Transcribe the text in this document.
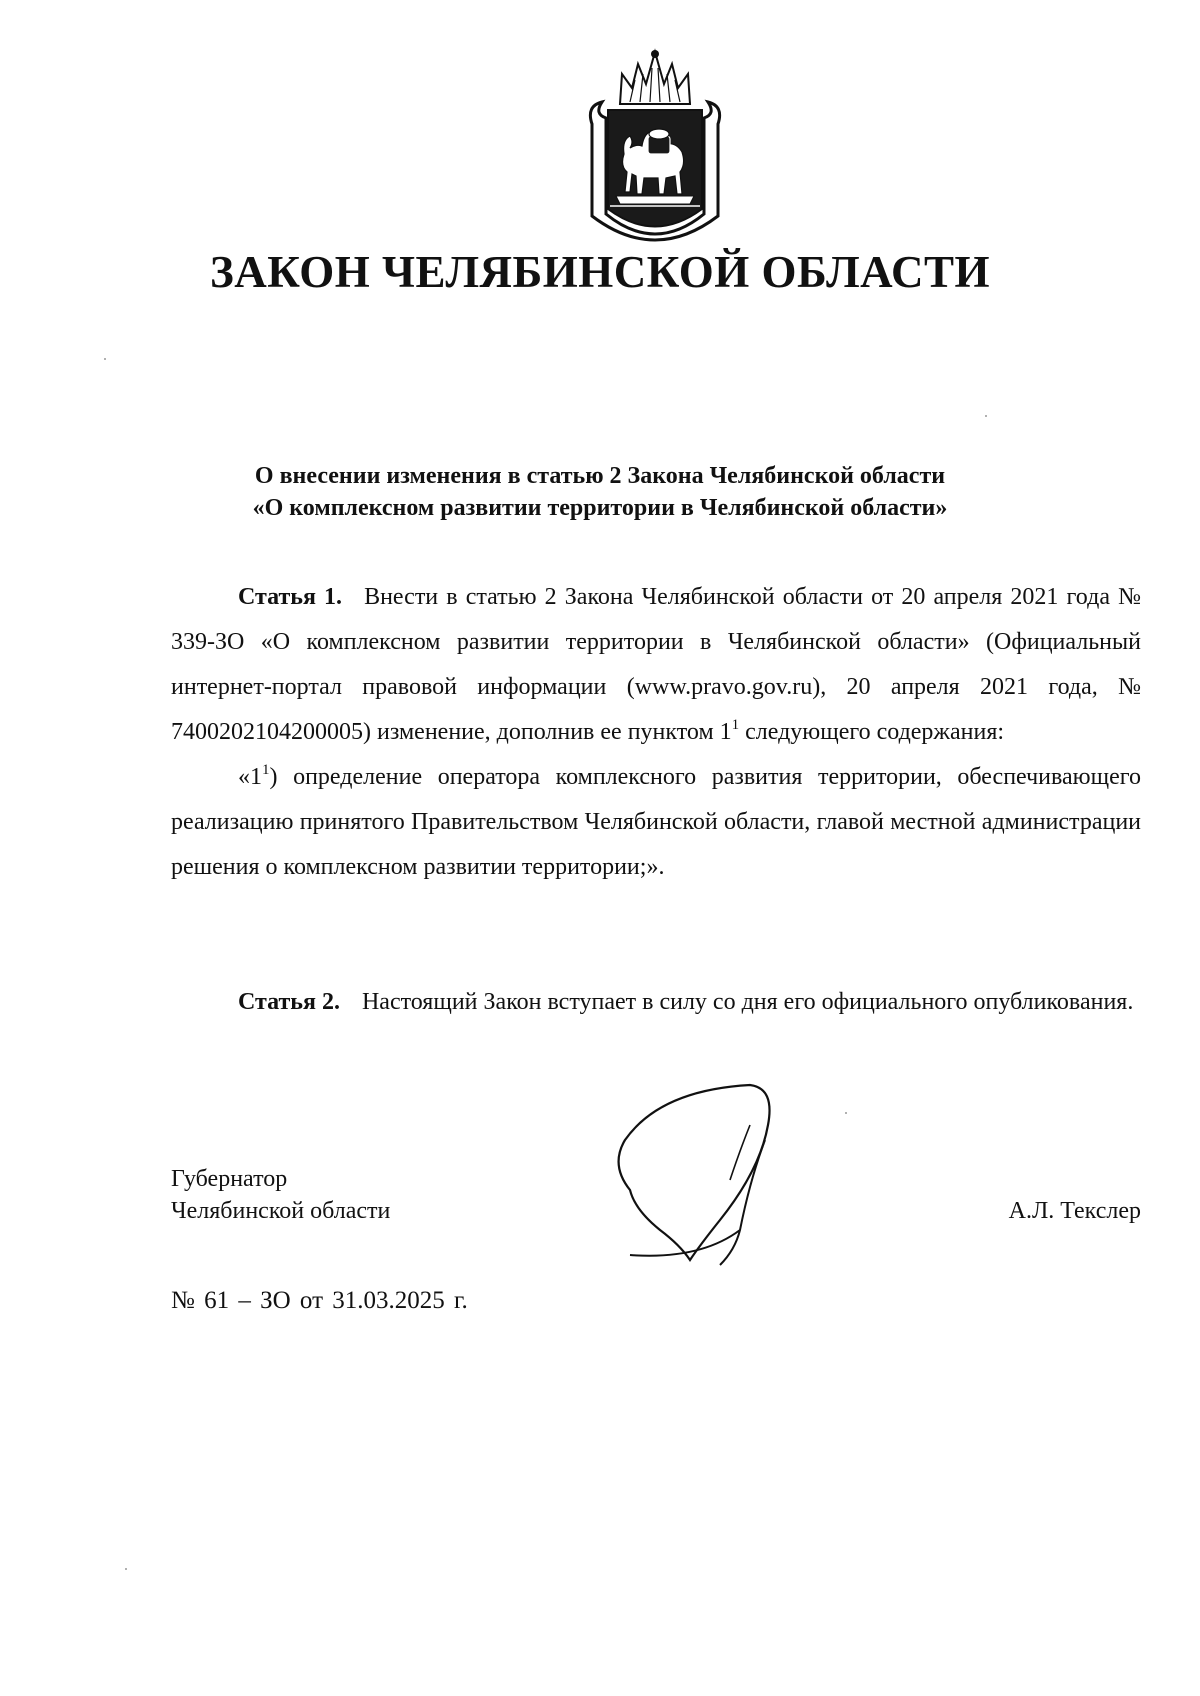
ЗАКОН ЧЕЛЯБИНСКОЙ ОБЛАСТИ
О внесении изменения в статью 2 Закона Челябинской области
«О комплексном развитии территории в Челябинской области»

Статья 1. Внести в статью 2 Закона Челябинской области от 20 апреля 2021 года № 339-ЗО «О комплексном развитии территории в Челябинской области» (Официальный интернет-портал правовой информации (www.pravo.gov.ru), 20 апреля 2021 года, № 7400202104200005) изменение, дополнив ее пунктом $1^1$ следующего содержания:

«$1^1$) определение оператора комплексного развития территории, обеспечивающего реализацию принятого Правительством Челябинской области, главой местной администрации решения о комплексном развитии территории;».

Статья 2. Настоящий Закон вступает в силу со дня его официального опубликования.

Губернатор
Челябинской области	А.Л. Текслер
№ 61 – ЗО от 31.03.2025 г.
